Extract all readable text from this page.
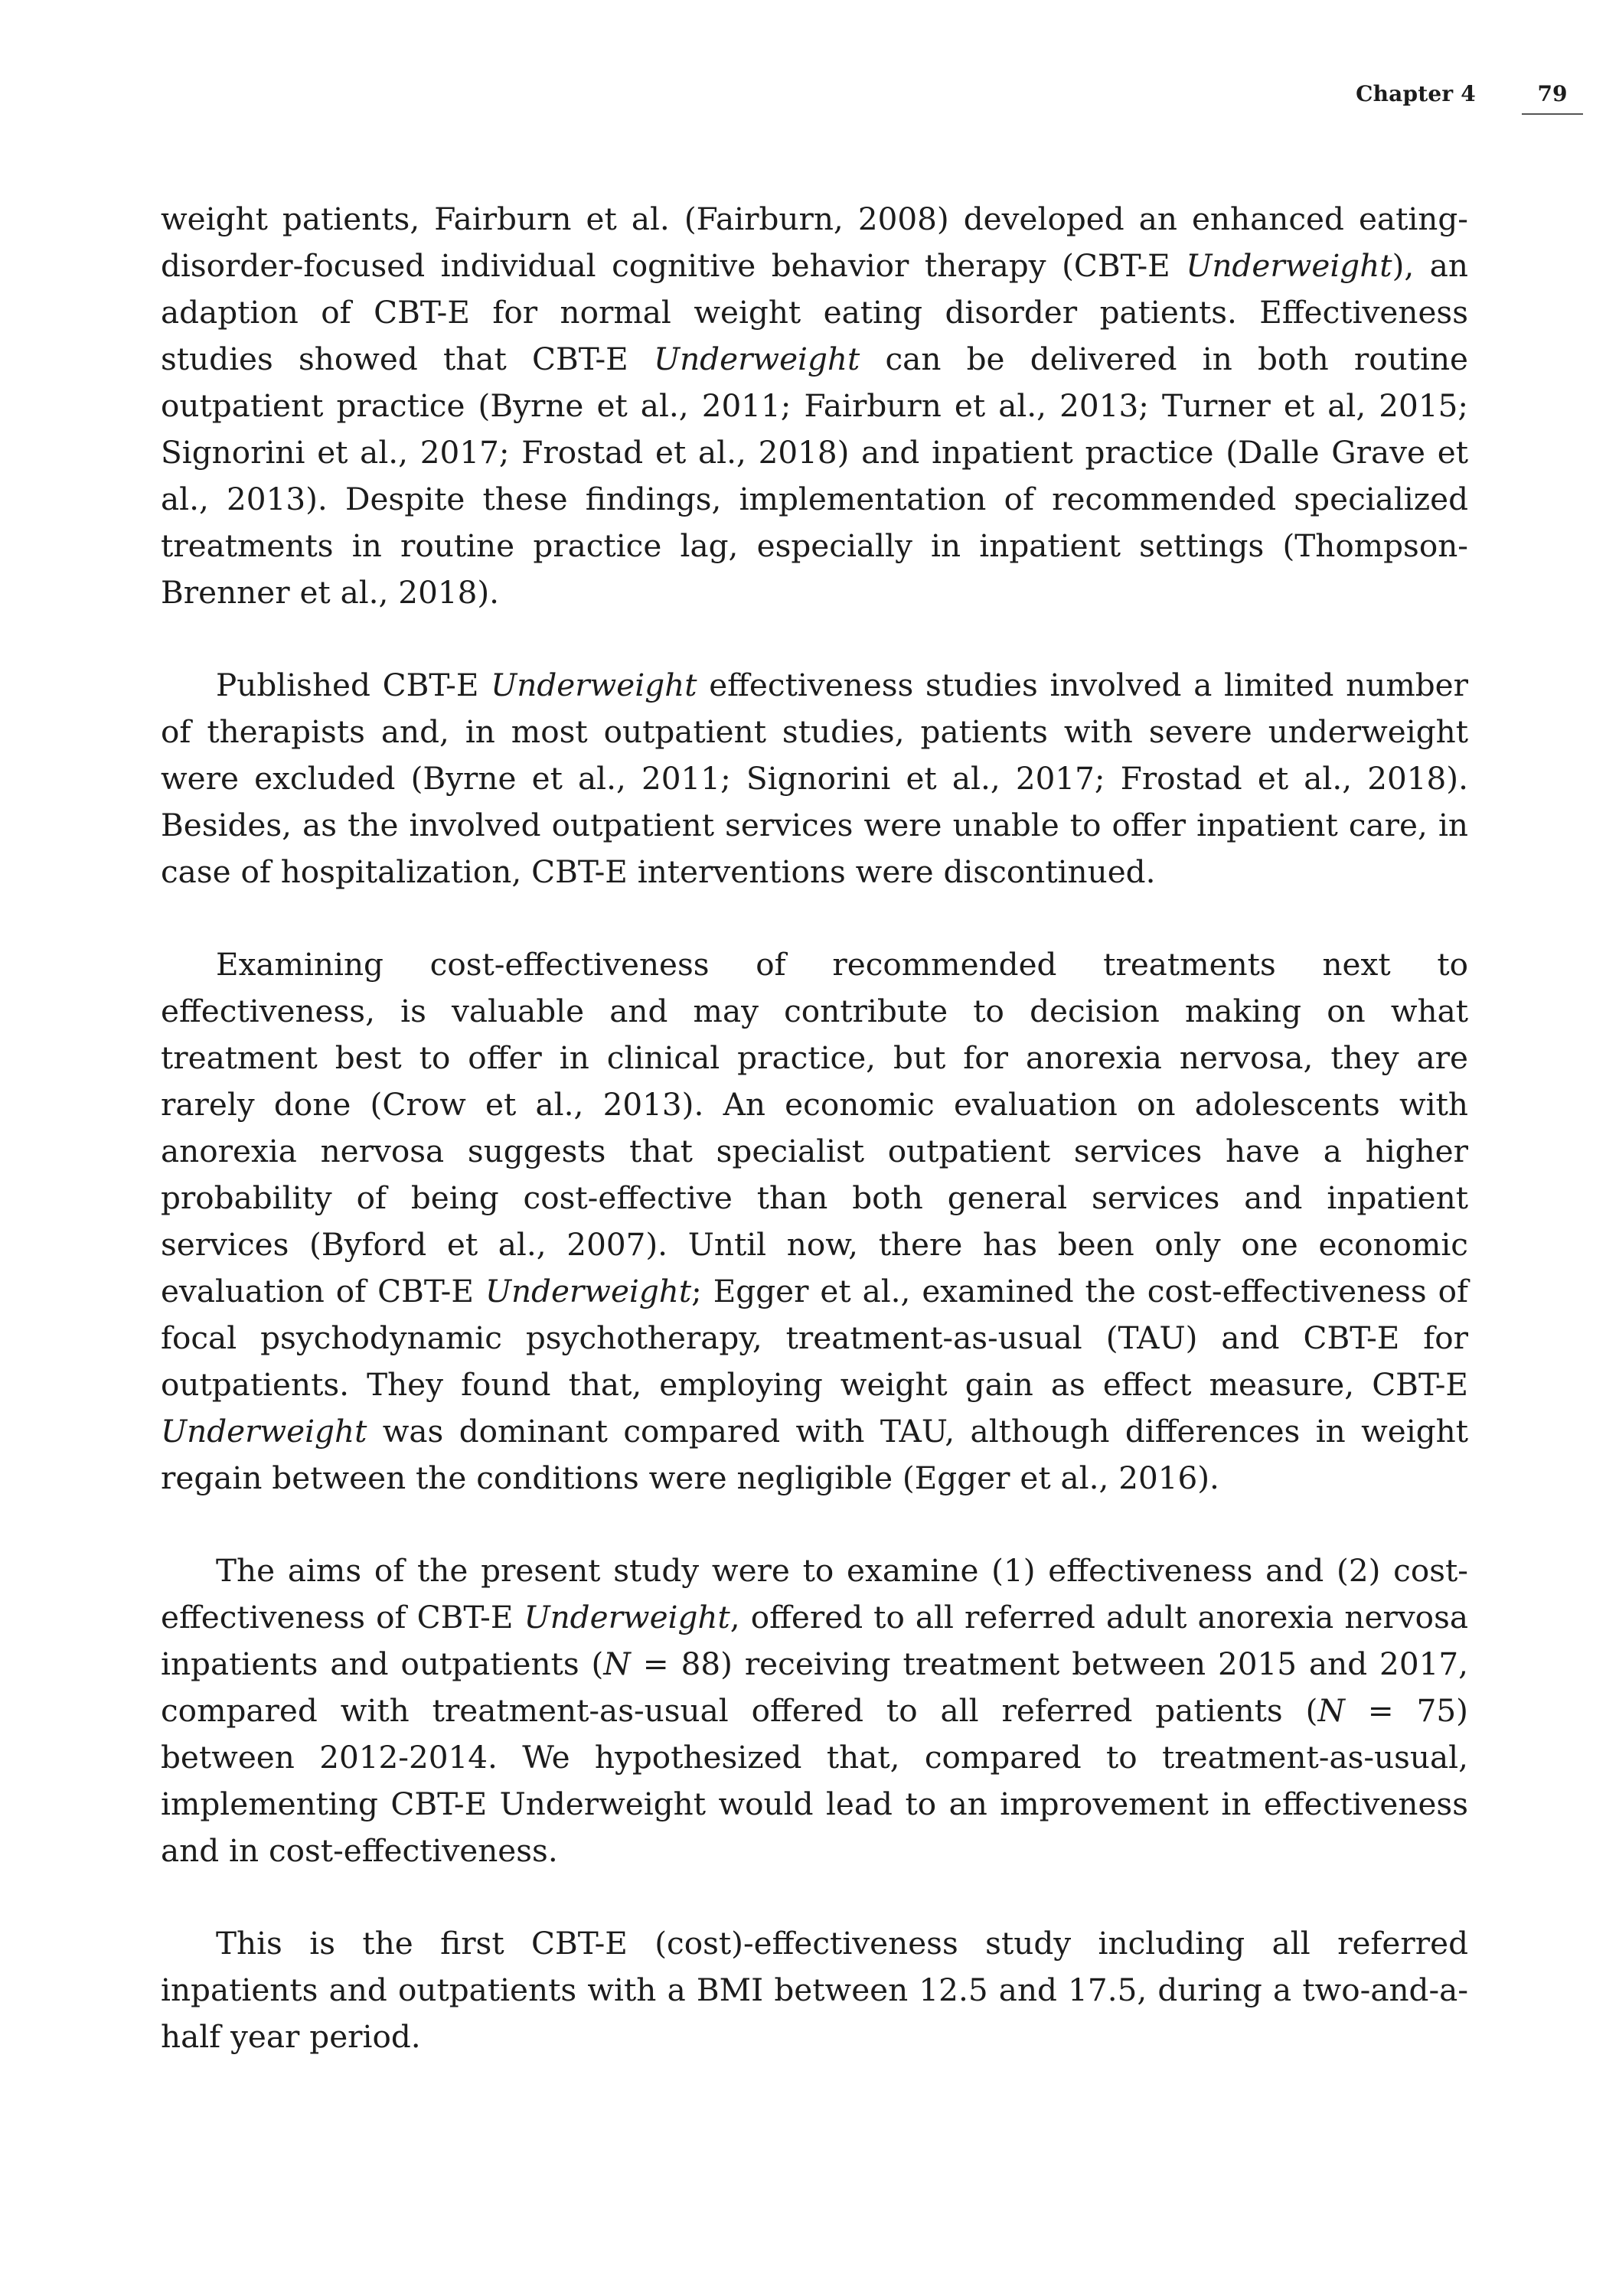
Chapter 4	79

weight patients, Fairburn et al. (Fairburn, 2008) developed an enhanced eating-disorder-focused individual cognitive behavior therapy (CBT-E Underweight), an adaption of CBT-E for normal weight eating disorder patients. Effectiveness studies showed that CBT-E Underweight can be delivered in both routine outpatient practice (Byrne et al., 2011; Fairburn et al., 2013; Turner et al, 2015; Signorini et al., 2017; Frostad et al., 2018) and inpatient practice (Dalle Grave et al., 2013). Despite these findings, implementation of recommended specialized treatments in routine practice lag, especially in inpatient settings (Thompson-Brenner et al., 2018).

Published CBT-E Underweight effectiveness studies involved a limited number of therapists and, in most outpatient studies, patients with severe underweight were excluded (Byrne et al., 2011; Signorini et al., 2017; Frostad et al., 2018). Besides, as the involved outpatient services were unable to offer inpatient care, in case of hospitalization, CBT-E interventions were discontinued.

Examining cost-effectiveness of recommended treatments next to effectiveness, is valuable and may contribute to decision making on what treatment best to offer in clinical practice, but for anorexia nervosa, they are rarely done (Crow et al., 2013). An economic evaluation on adolescents with anorexia nervosa suggests that specialist outpatient services have a higher probability of being cost-effective than both general services and inpatient services (Byford et al., 2007). Until now, there has been only one economic evaluation of CBT-E Underweight; Egger et al., examined the cost-effectiveness of focal psychodynamic psychotherapy, treatment-as-usual (TAU) and CBT-E for outpatients. They found that, employing weight gain as effect measure, CBT-E Underweight was dominant compared with TAU, although differences in weight regain between the conditions were negligible (Egger et al., 2016).

The aims of the present study were to examine (1) effectiveness and (2) cost-effectiveness of CBT-E Underweight, offered to all referred adult anorexia nervosa inpatients and outpatients (N = 88) receiving treatment between 2015 and 2017, compared with treatment-as-usual offered to all referred patients (N = 75) between 2012-2014. We hypothesized that, compared to treatment-as-usual, implementing CBT-E Underweight would lead to an improvement in effectiveness and in cost-effectiveness.

This is the first CBT-E (cost)-effectiveness study including all referred inpatients and outpatients with a BMI between 12.5 and 17.5, during a two-and-a-half year period.
